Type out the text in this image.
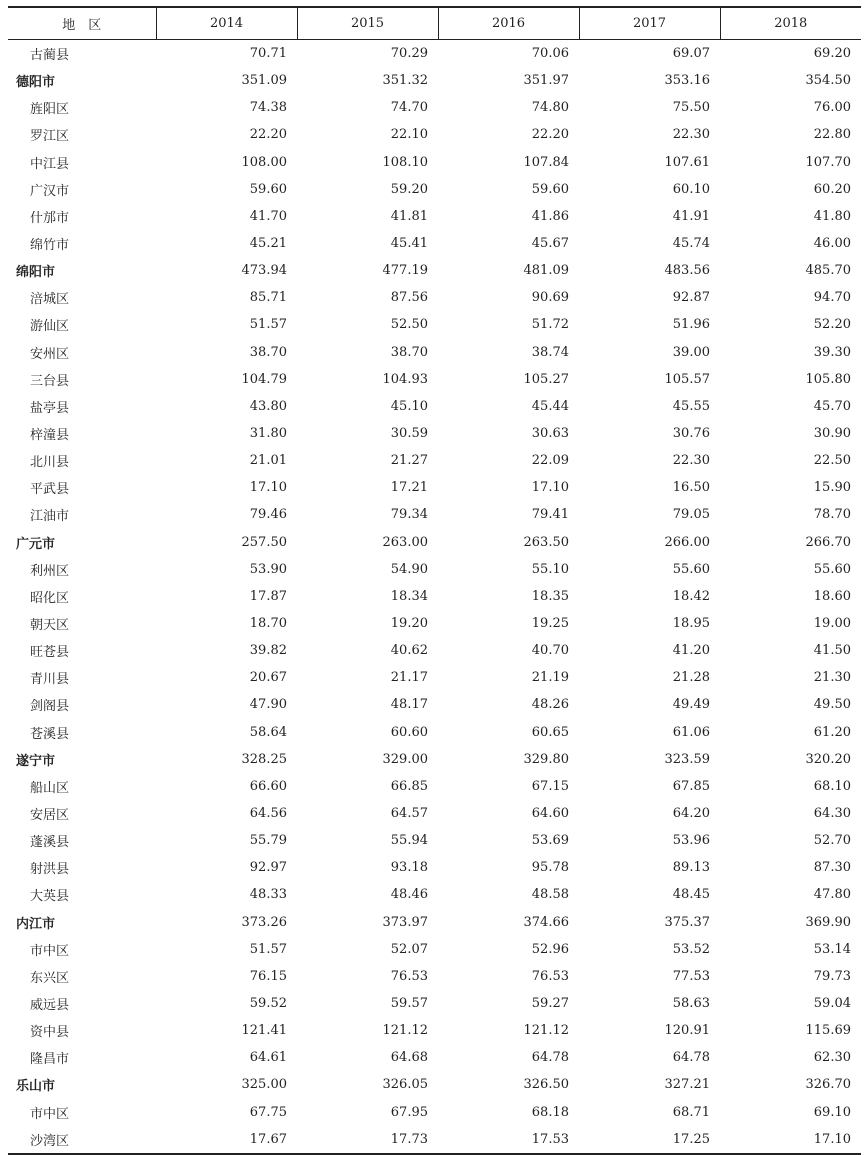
地　区	2014	2015	2016	2017	2018
古蔺县	70.71	70.29	70.06	69.07	69.20
德阳市	351.09	351.32	351.97	353.16	354.50
旌阳区	74.38	74.70	74.80	75.50	76.00
罗江区	22.20	22.10	22.20	22.30	22.80
中江县	108.00	108.10	107.84	107.61	107.70
广汉市	59.60	59.20	59.60	60.10	60.20
什邡市	41.70	41.81	41.86	41.91	41.80
绵竹市	45.21	45.41	45.67	45.74	46.00
绵阳市	473.94	477.19	481.09	483.56	485.70
涪城区	85.71	87.56	90.69	92.87	94.70
游仙区	51.57	52.50	51.72	51.96	52.20
安州区	38.70	38.70	38.74	39.00	39.30
三台县	104.79	104.93	105.27	105.57	105.80
盐亭县	43.80	45.10	45.44	45.55	45.70
梓潼县	31.80	30.59	30.63	30.76	30.90
北川县	21.01	21.27	22.09	22.30	22.50
平武县	17.10	17.21	17.10	16.50	15.90
江油市	79.46	79.34	79.41	79.05	78.70
广元市	257.50	263.00	263.50	266.00	266.70
利州区	53.90	54.90	55.10	55.60	55.60
昭化区	17.87	18.34	18.35	18.42	18.60
朝天区	18.70	19.20	19.25	18.95	19.00
旺苍县	39.82	40.62	40.70	41.20	41.50
青川县	20.67	21.17	21.19	21.28	21.30
剑阁县	47.90	48.17	48.26	49.49	49.50
苍溪县	58.64	60.60	60.65	61.06	61.20
遂宁市	328.25	329.00	329.80	323.59	320.20
船山区	66.60	66.85	67.15	67.85	68.10
安居区	64.56	64.57	64.60	64.20	64.30
蓬溪县	55.79	55.94	53.69	53.96	52.70
射洪县	92.97	93.18	95.78	89.13	87.30
大英县	48.33	48.46	48.58	48.45	47.80
内江市	373.26	373.97	374.66	375.37	369.90
市中区	51.57	52.07	52.96	53.52	53.14
东兴区	76.15	76.53	76.53	77.53	79.73
威远县	59.52	59.57	59.27	58.63	59.04
资中县	121.41	121.12	121.12	120.91	115.69
隆昌市	64.61	64.68	64.78	64.78	62.30
乐山市	325.00	326.05	326.50	327.21	326.70
市中区	67.75	67.95	68.18	68.71	69.10
沙湾区	17.67	17.73	17.53	17.25	17.10
